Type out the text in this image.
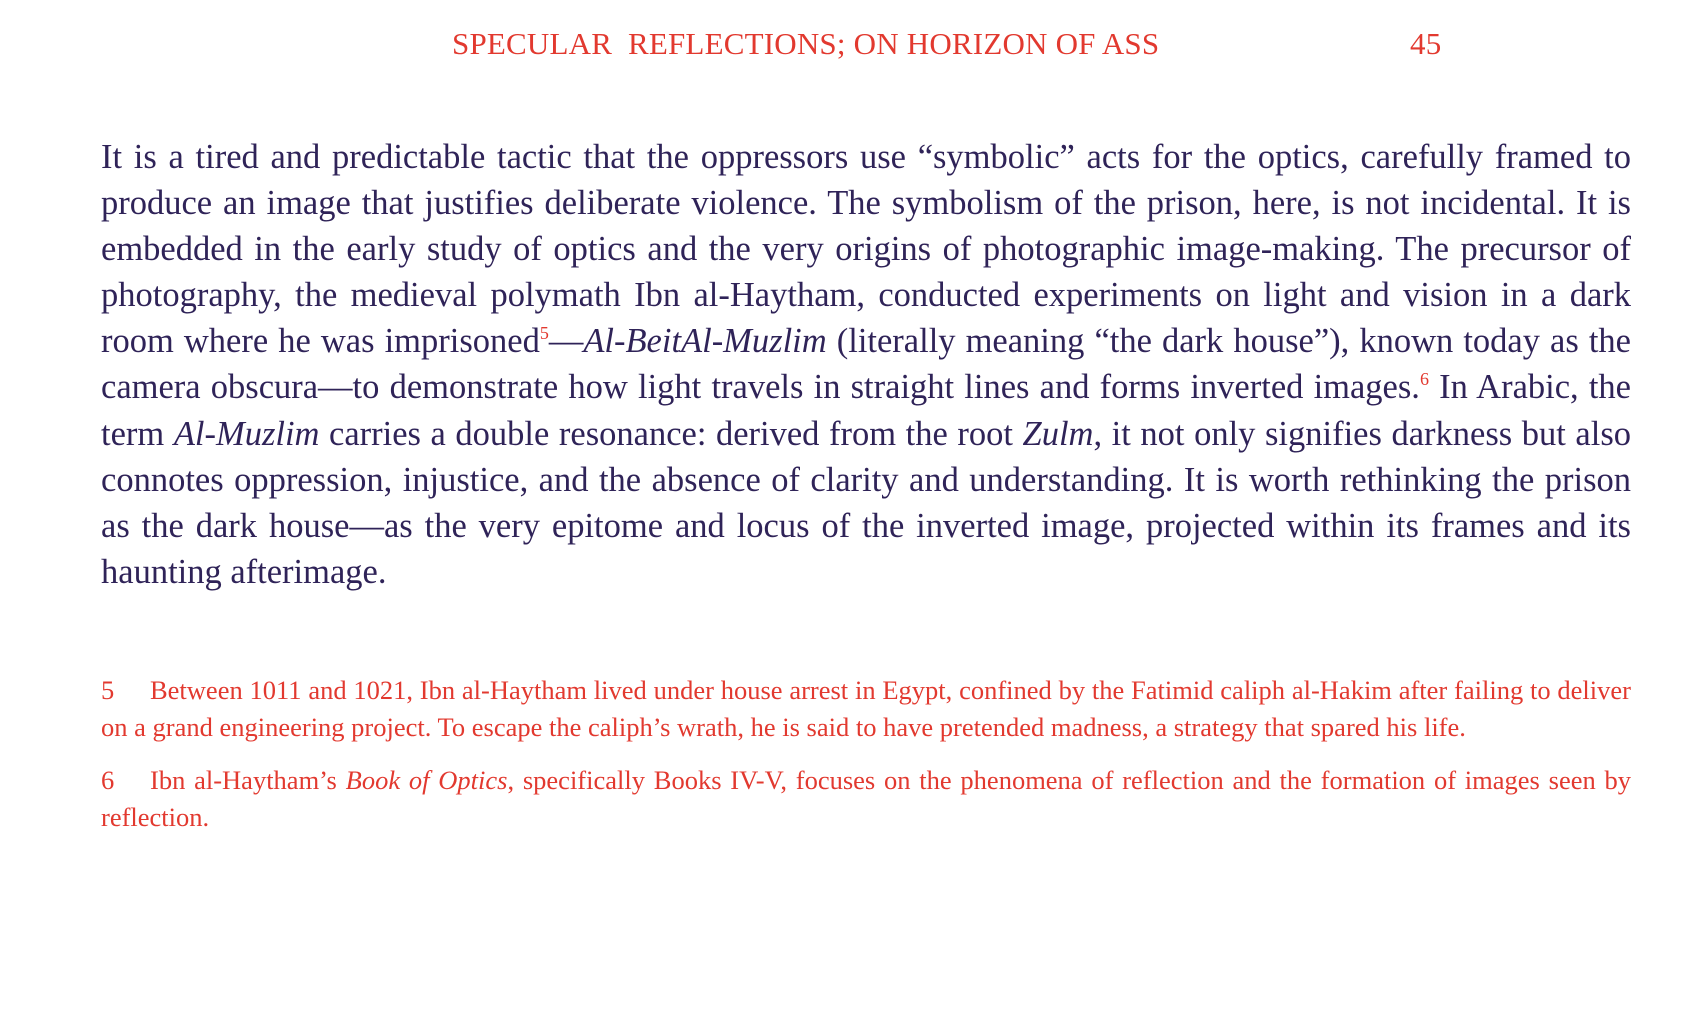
SPECULAR  REFLECTIONS; ON HORIZON OF ASS	45

It is a tired and predictable tactic that the oppressors use “symbolic” acts for the optics, carefully framed to produce an image that justifies deliberate violence. The symbolism of the prison, here, is not incidental. It is embedded in the early study of optics and the very origins of photographic image-making. The precursor of photography, the medieval polymath Ibn al-Haytham, conducted experiments on light and vision in a dark room where he was imprisoned$^5$—Al-BeitAl-Muzlim (literally meaning “the dark house”), known today as the camera obscura—to demonstrate how light travels in straight lines and forms inverted images.$^6$ In Arabic, the term Al-Muzlim carries a double resonance: derived from the root Zulm, it not only signifies darkness but also connotes oppression, injustice, and the absence of clarity and understanding. It is worth rethinking the prison as the dark house—as the very epitome and locus of the inverted image, projected within its frames and its haunting afterimage.

5 Between 1011 and 1021, Ibn al-Haytham lived under house arrest in Egypt, confined by the Fatimid caliph al-Hakim after failing to deliver on a grand engineering project. To escape the caliph’s wrath, he is said to have pretended madness, a strategy that spared his life.

6 Ibn al-Haytham’s Book of Optics, specifically Books IV-V, focuses on the phenomena of reflection and the formation of images seen by reflection.
